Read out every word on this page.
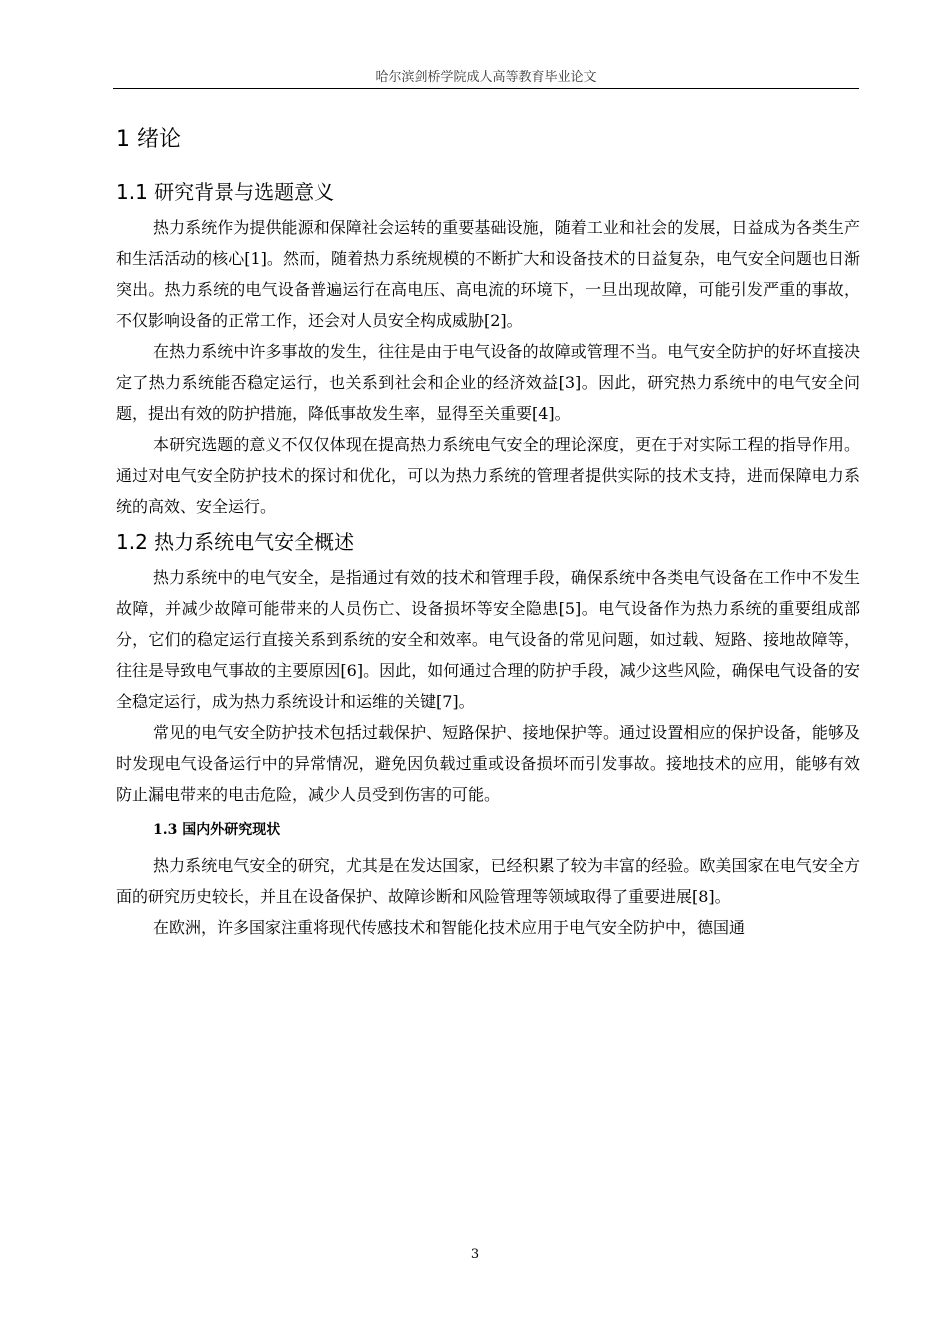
哈尔滨剑桥学院成人高等教育毕业论文
1 绪论
1.1 研究背景与选题意义

热力系统作为提供能源和保障社会运转的重要基础设施，随着工业和社会的发展，日益成为各类生产和生活活动的核心[1]。然而，随着热力系统规模的不断扩大和设备技术的日益复杂，电气安全问题也日渐突出。热力系统的电气设备普遍运行在高电压、高电流的环境下，一旦出现故障，可能引发严重的事故，不仅影响设备的正常工作，还会对人员安全构成威胁[2]。

在热力系统中许多事故的发生，往往是由于电气设备的故障或管理不当。电气安全防护的好坏直接决定了热力系统能否稳定运行，也关系到社会和企业的经济效益[3]。因此，研究热力系统中的电气安全问题，提出有效的防护措施，降低事故发生率，显得至关重要[4]。

本研究选题的意义不仅仅体现在提高热力系统电气安全的理论深度，更在于对实际工程的指导作用。通过对电气安全防护技术的探讨和优化，可以为热力系统的管理者提供实际的技术支持，进而保障电力系统的高效、安全运行。

1.2 热力系统电气安全概述

热力系统中的电气安全，是指通过有效的技术和管理手段，确保系统中各类电气设备在工作中不发生故障，并减少故障可能带来的人员伤亡、设备损坏等安全隐患[5]。电气设备作为热力系统的重要组成部分，它们的稳定运行直接关系到系统的安全和效率。电气设备的常见问题，如过载、短路、接地故障等，往往是导致电气事故的主要原因[6]。因此，如何通过合理的防护手段，减少这些风险，确保电气设备的安全稳定运行，成为热力系统设计和运维的关键[7]。

常见的电气安全防护技术包括过载保护、短路保护、接地保护等。通过设置相应的保护设备，能够及时发现电气设备运行中的异常情况，避免因负载过重或设备损坏而引发事故。接地技术的应用，能够有效防止漏电带来的电击危险，减少人员受到伤害的可能。

1.3 国内外研究现状

热力系统电气安全的研究，尤其是在发达国家，已经积累了较为丰富的经验。欧美国家在电气安全方面的研究历史较长，并且在设备保护、故障诊断和风险管理等领域取得了重要进展[8]。

在欧洲，许多国家注重将现代传感技术和智能化技术应用于电气安全防护中，德国通

3
